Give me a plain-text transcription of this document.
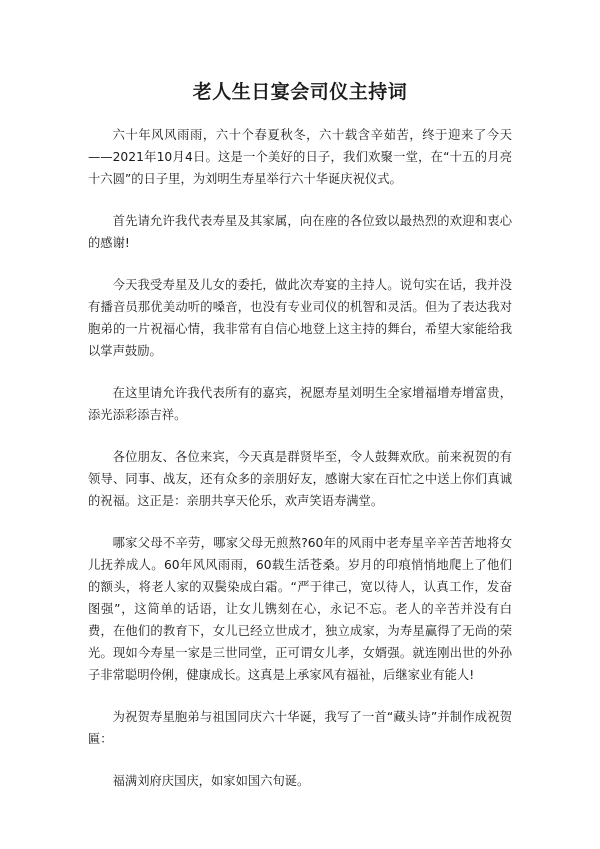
老人生日宴会司仪主持词

六十年风风雨雨，六十个春夏秋冬，六十载含辛茹苦，终于迎来了今天——2021年10月4日。这是一个美好的日子，我们欢聚一堂，在“十五的月亮十六圆”的日子里，为刘明生寿星举行六十华诞庆祝仪式。

首先请允许我代表寿星及其家属，向在座的各位致以最热烈的欢迎和衷心的感谢!

今天我受寿星及儿女的委托，做此次寿宴的主持人。说句实在话，我并没有播音员那优美动听的嗓音，也没有专业司仪的机智和灵活。但为了表达我对胞弟的一片祝福心情，我非常有自信心地登上这主持的舞台，希望大家能给我以掌声鼓励。

在这里请允许我代表所有的嘉宾，祝愿寿星刘明生全家增福增寿增富贵，添光添彩添吉祥。

各位朋友、各位来宾，今天真是群贤毕至，令人鼓舞欢欣。前来祝贺的有领导、同事、战友，还有众多的亲朋好友，感谢大家在百忙之中送上你们真诚的祝福。这正是：亲朋共享天伦乐，欢声笑语寿满堂。

哪家父母不辛劳，哪家父母无煎熬?60年的风雨中老寿星辛辛苦苦地将女儿抚养成人。60年风风雨雨，60载生活苍桑。岁月的印痕悄悄地爬上了他们的额头，将老人家的双鬓染成白霜。“严于律己，宽以待人，认真工作，发奋图强”，这简单的话语，让女儿镌刻在心，永记不忘。老人的辛苦并没有白费，在他们的教育下，女儿已经立世成才，独立成家，为寿星赢得了无尚的荣光。现如今寿星一家是三世同堂，正可谓女儿孝，女婿强。就连刚出世的外孙子非常聪明伶俐，健康成长。这真是上承家风有福祉，后继家业有能人!

为祝贺寿星胞弟与祖国同庆六十华诞，我写了一首“藏头诗”并制作成祝贺匾：

福满刘府庆国庆，如家如国六旬诞。
